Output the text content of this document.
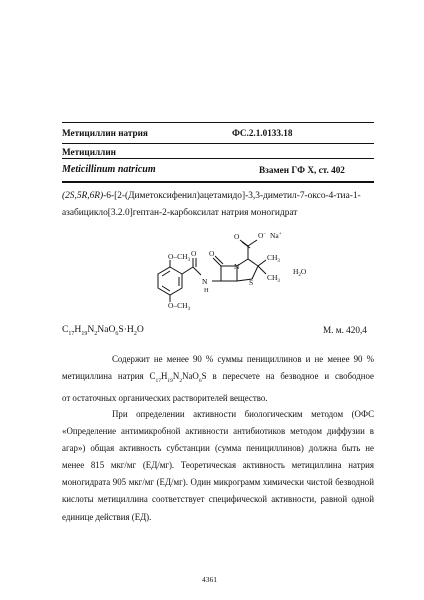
Метициллин натрия	ФС.2.1.0133.18
Метициллин
Meticillinum natricum	Взамен ГФ X, ст. 402
(2S,5R,6R)-6-[2-(Диметоксифенил)ацетамидо]-3,3-диметил-7-оксо-4-тиа-1-
азабицикло[3.2.0]гептан-2-карбоксилат натрия моногидрат
$O-CH_3$
$O-CH_3$
O
N
H
O
N
S
O O− Na+
$CH_3$
$CH_3$
$H_2O$
$C_{17}H_{19}N_2NaO_6S\cdot H_2O$	М. м. 420,4

Содержит не менее 90 % суммы пенициллинов и не менее 90 %

метициллина натрия $C_{17}H_{19}N_2NaO_6S$ в пересчете на безводное и свободное

от остаточных органических растворителей вещество.

При определении активности биологическим методом (ОФС «Определение антимикробной активности антибиотиков методом диффузии в агар») общая активность субстанции (сумма пенициллинов) должна быть не менее 815 мкг/мг (ЕД/мг). Теоретическая активность метициллина натрия моногидрата 905 мкг/мг (ЕД/мг). Один микрограмм химически чистой безводной кислоты метициллина соответствует специфической активности, равной одной единице действия (ЕД).

4361
